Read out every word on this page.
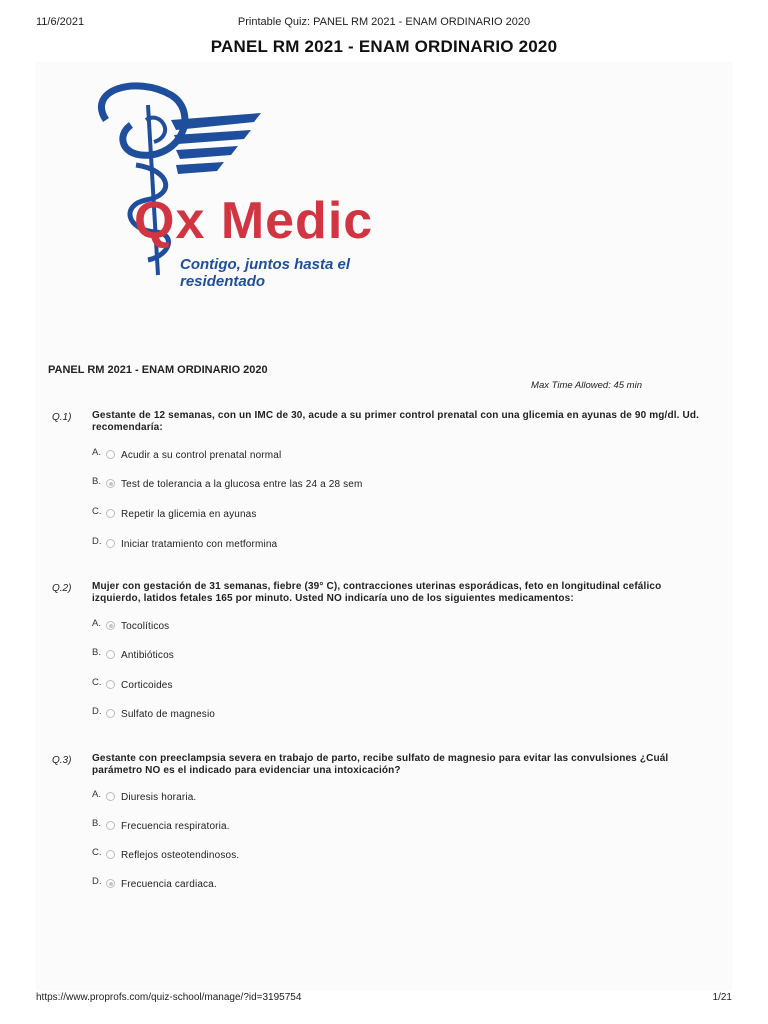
11/6/2021	Printable Quiz: PANEL RM 2021 - ENAM ORDINARIO 2020
PANEL RM 2021 - ENAM ORDINARIO 2020
Qx Medic
Contigo, juntos hasta el residentado
PANEL RM 2021 - ENAM ORDINARIO 2020
Max Time Allowed: 45 min
Q.1) Gestante de 12 semanas, con un IMC de 30, acude a su primer control prenatal con una glicemia en ayunas de 90 mg/dl. Ud. recomendaría:
A. Acudir a su control prenatal normal
B. Test de tolerancia a la glucosa entre las 24 a 28 sem
C. Repetir la glicemia en ayunas
D. Iniciar tratamiento con metformina
Q.2) Mujer con gestación de 31 semanas, fiebre (39° C), contracciones uterinas esporádicas, feto en longitudinal cefálico izquierdo, latidos fetales 165 por minuto. Usted NO indicaría uno de los siguientes medicamentos:
A. Tocolíticos
B. Antibióticos
C. Corticoides
D. Sulfato de magnesio
Q.3) Gestante con preeclampsia severa en trabajo de parto, recibe sulfato de magnesio para evitar las convulsiones ¿Cuál parámetro NO es el indicado para evidenciar una intoxicación?
A. Diuresis horaria.
B. Frecuencia respiratoria.
C. Reflejos osteotendinosos.
D. Frecuencia cardiaca.
https://www.proprofs.com/quiz-school/manage/?id=3195754	1/21
